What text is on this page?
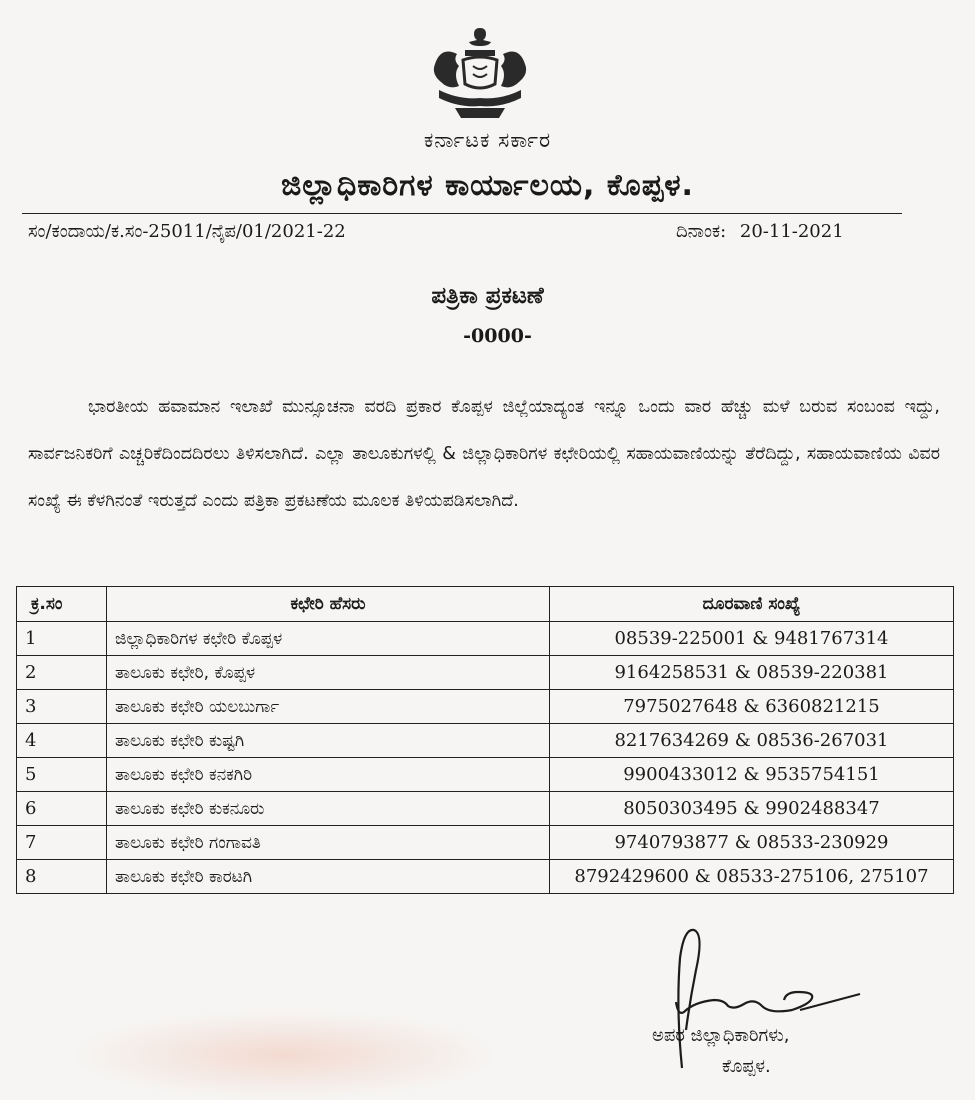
ಕರ್ನಾಟಕ ಸರ್ಕಾರ
ಜಿಲ್ಲಾಧಿಕಾರಿಗಳ ಕಾರ್ಯಾಲಯ, ಕೊಪ್ಪಳ.
ಸಂ/ಕಂದಾಯ/ಕ.ಸಂ-25011/ನೈಪ/01/2021-22	ದಿನಾಂಕ: 20-11-2021
ಪತ್ರಿಕಾ ಪ್ರಕಟಣೆ
-0000-

ಭಾರತೀಯ ಹವಾಮಾನ ಇಲಾಖೆ ಮುನ್ಸೂಚನಾ ವರದಿ ಪ್ರಕಾರ ಕೊಪ್ಪಳ ಜಿಲ್ಲೆಯಾದ್ಯಂತ ಇನ್ನೂ ಒಂದು ವಾರ ಹೆಚ್ಚು ಮಳೆ ಬರುವ ಸಂಬಂವ ಇದ್ದು, ಸಾರ್ವಜನಿಕರಿಗೆ ಎಚ್ಚರಿಕೆದಿಂದದಿರಲು ತಿಳಿಸಲಾಗಿದೆ. ಎಲ್ಲಾ ತಾಲೂಕುಗಳಲ್ಲಿ & ಜಿಲ್ಲಾಧಿಕಾರಿಗಳ ಕಛೇರಿಯಲ್ಲಿ ಸಹಾಯವಾಣಿಯನ್ನು ತೆರೆದಿದ್ದು, ಸಹಾಯವಾಣಿಯ ವಿವರ ಸಂಖ್ಯೆ ಈ ಕೆಳಗಿನಂತೆ ಇರುತ್ತದೆ ಎಂದು ಪತ್ರಿಕಾ ಪ್ರಕಟಣೆಯ ಮೂಲಕ ತಿಳಿಯಪಡಿಸಲಾಗಿದೆ.

ಕ್ರ.ಸಂ	ಕಛೇರಿ ಹೆಸರು	ದೂರವಾಣಿ ಸಂಖ್ಯೆ
1	ಜಿಲ್ಲಾಧಿಕಾರಿಗಳ ಕಛೇರಿ ಕೊಪ್ಪಳ	08539-225001 & 9481767314
2	ತಾಲೂಕು ಕಛೇರಿ, ಕೊಪ್ಪಳ	9164258531 & 08539-220381
3	ತಾಲೂಕು ಕಛೇರಿ ಯಲಬುರ್ಗಾ	7975027648 & 6360821215
4	ತಾಲೂಕು ಕಛೇರಿ ಕುಷ್ಟಗಿ	8217634269 & 08536-267031
5	ತಾಲೂಕು ಕಛೇರಿ ಕನಕಗಿರಿ	9900433012 & 9535754151
6	ತಾಲೂಕು ಕಛೇರಿ ಕುಕನೂರು	8050303495 & 9902488347
7	ತಾಲೂಕು ಕಛೇರಿ ಗಂಗಾವತಿ	9740793877 & 08533-230929
8	ತಾಲೂಕು ಕಛೇರಿ ಕಾರಟಗಿ	8792429600 & 08533-275106, 275107
ಅಪರ ಜಿಲ್ಲಾಧಿಕಾರಿಗಳು,
ಕೊಪ್ಪಳ.
